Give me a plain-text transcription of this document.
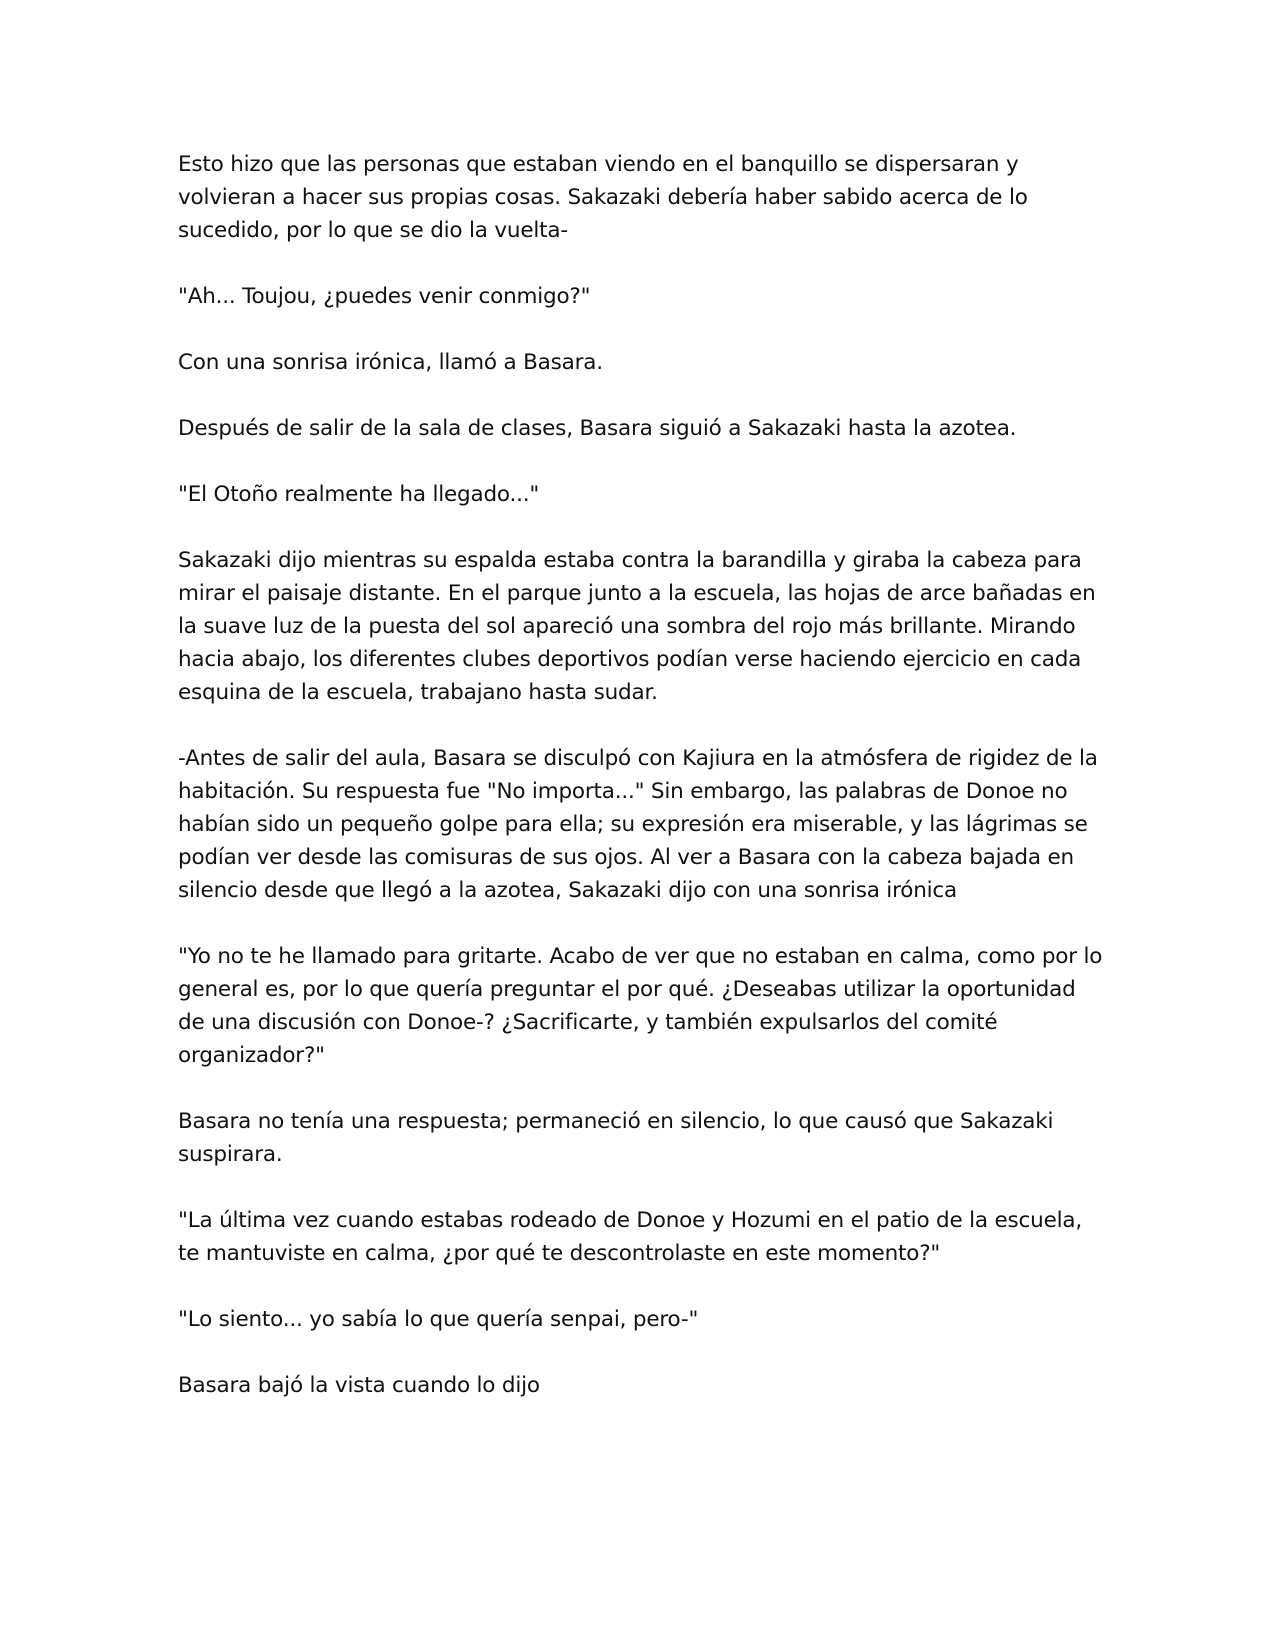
Esto hizo que las personas que estaban viendo en el banquillo se dispersaran y volvieran a hacer sus propias cosas. Sakazaki debería haber sabido acerca de lo sucedido, por lo que se dio la vuelta-

"Ah... Toujou, ¿puedes venir conmigo?"

Con una sonrisa irónica, llamó a Basara.

Después de salir de la sala de clases, Basara siguió a Sakazaki hasta la azotea.

"El Otoño realmente ha llegado..."

Sakazaki dijo mientras su espalda estaba contra la barandilla y giraba la cabeza para mirar el paisaje distante. En el parque junto a la escuela, las hojas de arce bañadas en la suave luz de la puesta del sol apareció una sombra del rojo más brillante. Mirando hacia abajo, los diferentes clubes deportivos podían verse haciendo ejercicio en cada esquina de la escuela, trabajano hasta sudar.

-Antes de salir del aula, Basara se disculpó con Kajiura en la atmósfera de rigidez de la habitación. Su respuesta fue "No importa..." Sin embargo, las palabras de Donoe no habían sido un pequeño golpe para ella; su expresión era miserable, y las lágrimas se podían ver desde las comisuras de sus ojos. Al ver a Basara con la cabeza bajada en silencio desde que llegó a la azotea, Sakazaki dijo con una sonrisa irónica

"Yo no te he llamado para gritarte. Acabo de ver que no estaban en calma, como por lo general es, por lo que quería preguntar el por qué. ¿Deseabas utilizar la oportunidad de una discusión con Donoe-? ¿Sacrificarte, y también expulsarlos del comité organizador?"

Basara no tenía una respuesta; permaneció en silencio, lo que causó que Sakazaki suspirara.

"La última vez cuando estabas rodeado de Donoe y Hozumi en el patio de la escuela, te mantuviste en calma, ¿por qué te descontrolaste en este momento?"

"Lo siento... yo sabía lo que quería senpai, pero-"

Basara bajó la vista cuando lo dijo
